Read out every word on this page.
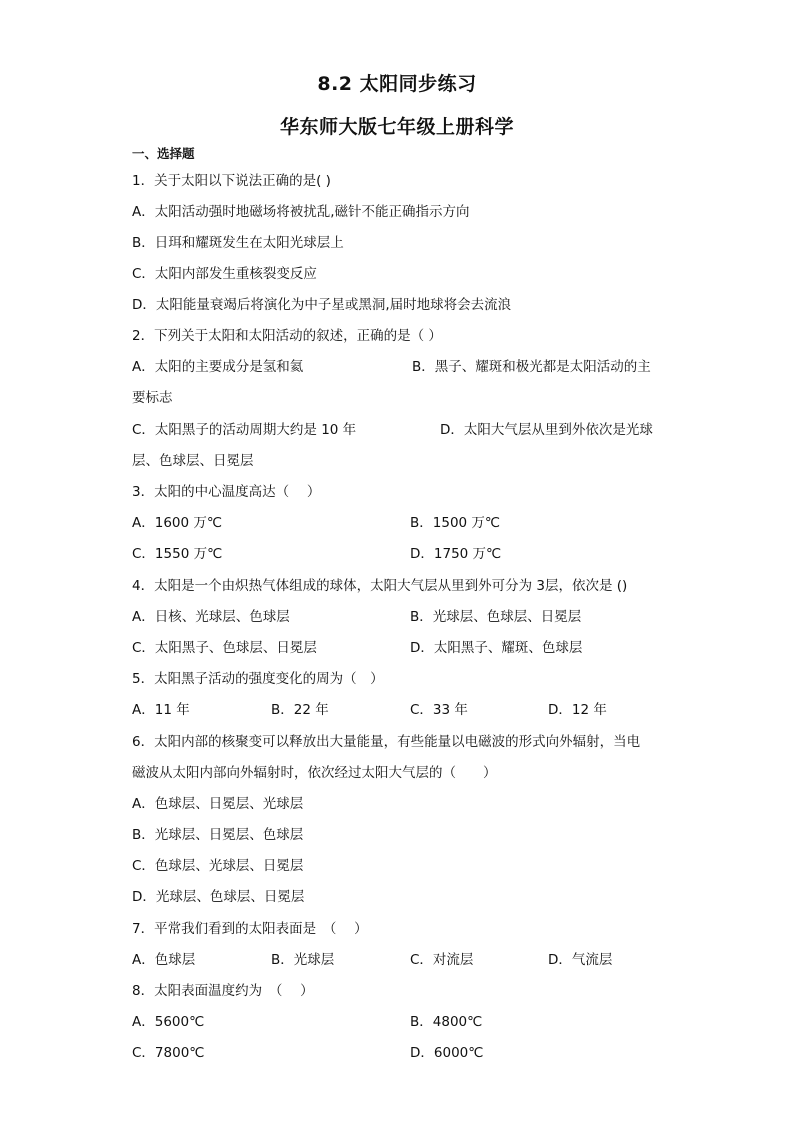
8.2 太阳同步练习
华东师大版七年级上册科学
一、选择题
1．关于太阳以下说法正确的是( )
A．太阳活动强时地磁场将被扰乱,磁针不能正确指示方向
B．日珥和耀斑发生在太阳光球层上
C．太阳内部发生重核裂变反应
D．太阳能量衰竭后将演化为中子星或黑洞,届时地球将会去流浪
2．下列关于太阳和太阳活动的叙述，正确的是（ ）
A．太阳的主要成分是氢和氦	B．黑子、耀斑和极光都是太阳活动的主
要标志
C．太阳黑子的活动周期大约是 10 年	D．太阳大气层从里到外依次是光球
层、色球层、日冕层
3．太阳的中心温度高达（　 ）
A．1600 万℃	B．1500 万℃
C．1550 万℃	D．1750 万℃
4．太阳是一个由炽热气体组成的球体，太阳大气层从里到外可分为 3层，依次是 ()
A．日核、光球层、色球层	B．光球层、色球层、日冕层
C．太阳黑子、色球层、日冕层	D．太阳黑子、耀斑、色球层
5．太阳黑子活动的强度变化的周为（　）
A．11 年	B．22 年	C．33 年	D．12 年
6．太阳内部的核聚变可以释放出大量能量，有些能量以电磁波的形式向外辐射，当电
磁波从太阳内部向外辐射时，依次经过太阳大气层的（　　）
A．色球层、日冕层、光球层
B．光球层、日冕层、色球层
C．色球层、光球层、日冕层
D．光球层、色球层、日冕层
7．平常我们看到的太阳表面是　（　 ）
A．色球层	B．光球层	C．对流层	D．气流层
8．太阳表面温度约为　（　 ）
A．5600℃	B．4800℃
C．7800℃	D．6000℃
